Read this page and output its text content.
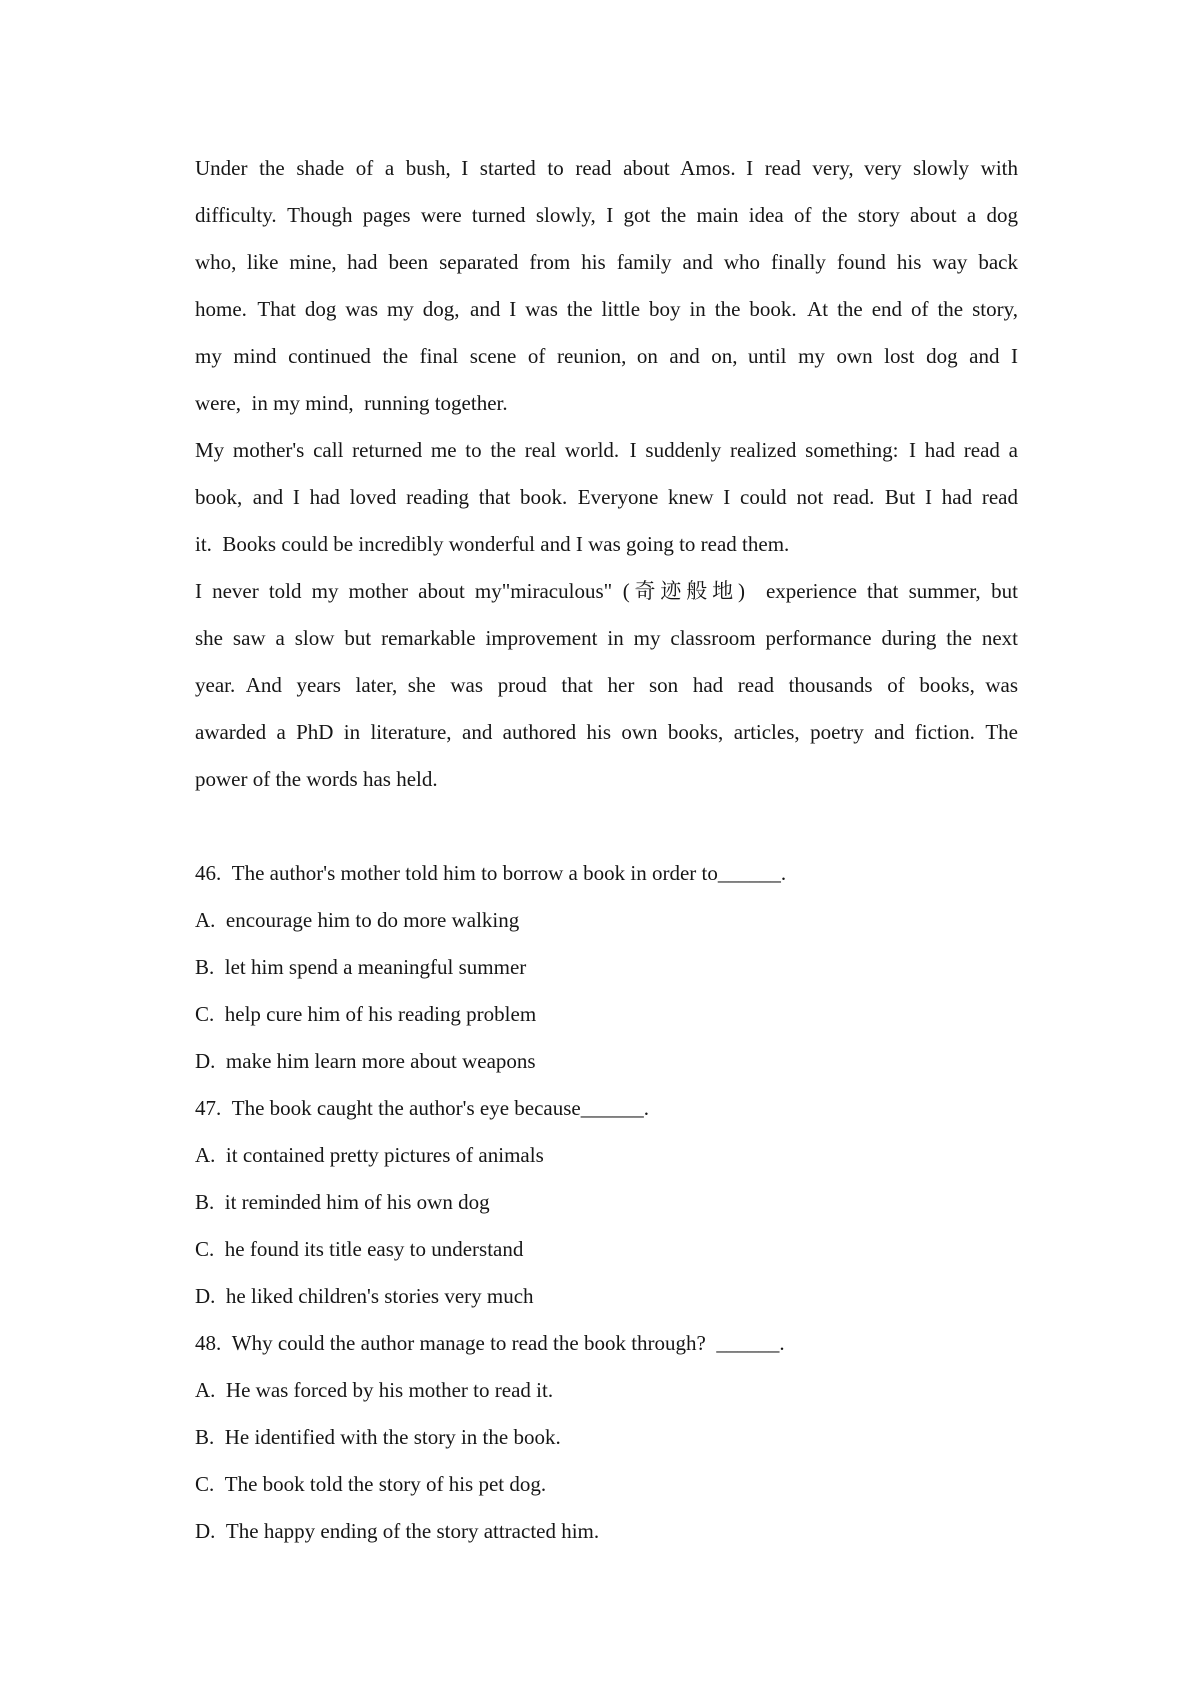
Under the shade of a bush, I started to read about Amos. I read very, very slowly with
difficulty. Though pages were turned slowly, I got the main idea of the story about a dog
who, like mine, had been separated from his family and who finally found his way back
home. That dog was my dog, and I was the little boy in the book. At the end of the story,
my mind continued the final scene of reunion, on and on, until my own lost dog and I
were, in my mind, running together.
My mother's call returned me to the real world. I suddenly realized something: I had read a
book, and I had loved reading that book. Everyone knew I could not read. But I had read
it. Books could be incredibly wonderful and I was going to read them.
I never told my mother about my"miraculous" (奇迹般地)  experience that summer, but
she saw a slow but remarkable improvement in my classroom performance during the next
year. And years later, she was proud that her son had read thousands of books, was
awarded a PhD in literature, and authored his own books, articles, poetry and fiction. The
power of the words has held.
46. The author's mother told him to borrow a book in order to______.
A. encourage him to do more walking
B. let him spend a meaningful summer
C. help cure him of his reading problem
D. make him learn more about weapons
47. The book caught the author's eye because______.
A. it contained pretty pictures of animals
B. it reminded him of his own dog
C. he found its title easy to understand
D. he liked children's stories very much
48. Why could the author manage to read the book through? ______.
A. He was forced by his mother to read it.
B. He identified with the story in the book.
C. The book told the story of his pet dog.
D. The happy ending of the story attracted him.
